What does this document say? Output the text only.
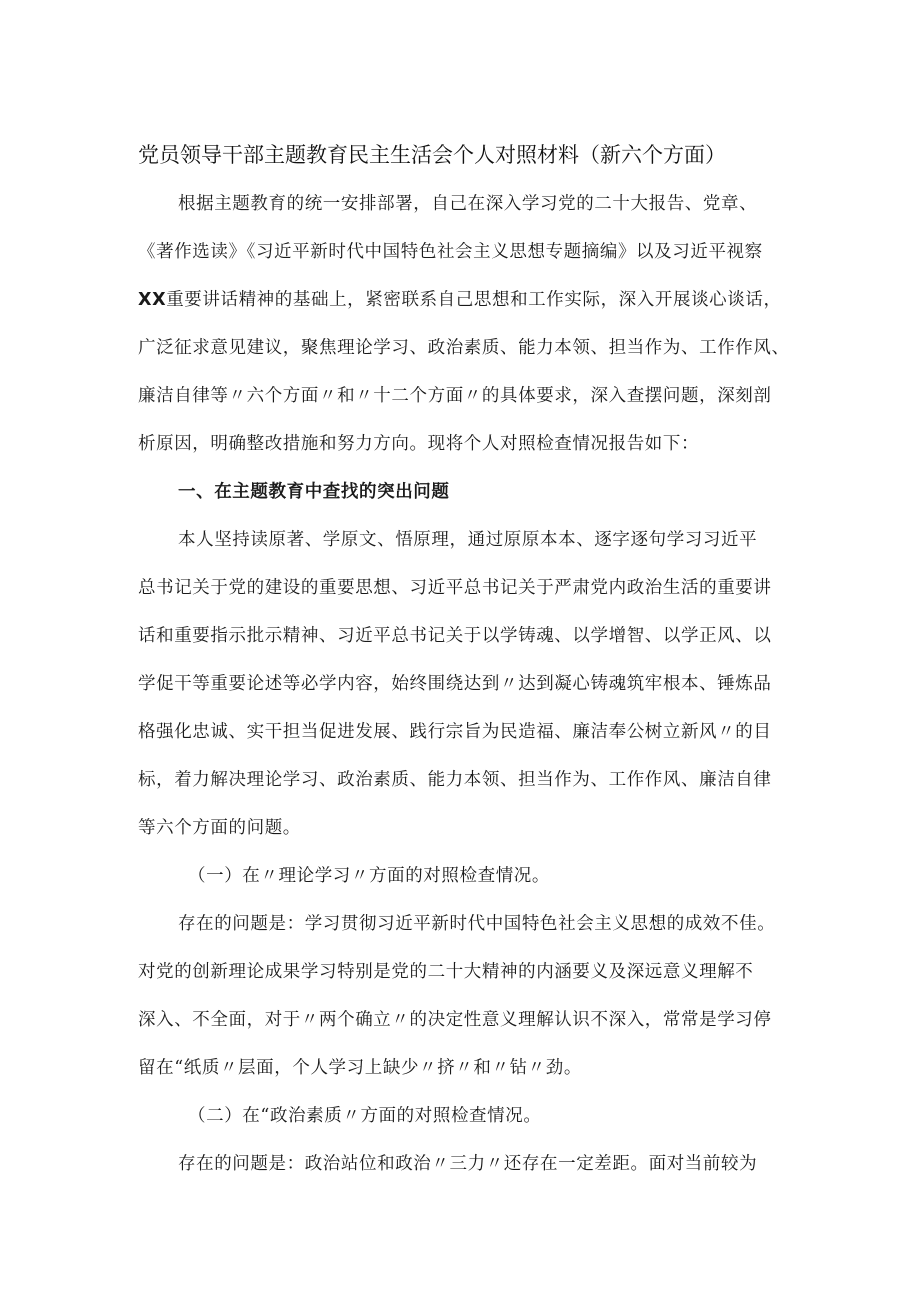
党员领导干部主题教育民主生活会个人对照材料（新六个方面）
根据主题教育的统一安排部署，自己在深入学习党的二十大报告、党章、
《著作选读》《习近平新时代中国特色社会主义思想专题摘编》以及习近平视察
XX重要讲话精神的基础上，紧密联系自己思想和工作实际，深入开展谈心谈话，
广泛征求意见建议，聚焦理论学习、政治素质、能力本领、担当作为、工作作风、
廉洁自律等〃六个方面〃和〃十二个方面〃的具体要求，深入查摆问题，深刻剖
析原因，明确整改措施和努力方向。现将个人对照检查情况报告如下：
一、在主题教育中查找的突出问题
本人坚持读原著、学原文、悟原理，通过原原本本、逐字逐句学习习近平
总书记关于党的建设的重要思想、习近平总书记关于严肃党内政治生活的重要讲
话和重要指示批示精神、习近平总书记关于以学铸魂、以学增智、以学正风、以
学促干等重要论述等必学内容，始终围绕达到〃达到凝心铸魂筑牢根本、锤炼品
格强化忠诚、实干担当促进发展、践行宗旨为民造福、廉洁奉公树立新风〃的目
标，着力解决理论学习、政治素质、能力本领、担当作为、工作作风、廉洁自律
等六个方面的问题。
（一）在〃理论学习〃方面的对照检查情况。
存在的问题是：学习贯彻习近平新时代中国特色社会主义思想的成效不佳。
对党的创新理论成果学习特别是党的二十大精神的内涵要义及深远意义理解不
深入、不全面，对于〃两个确立〃的决定性意义理解认识不深入，常常是学习停
留在“纸质〃层面，个人学习上缺少〃挤〃和〃钻〃劲。
（二）在“政治素质〃方面的对照检查情况。
存在的问题是：政治站位和政治〃三力〃还存在一定差距。面对当前较为
